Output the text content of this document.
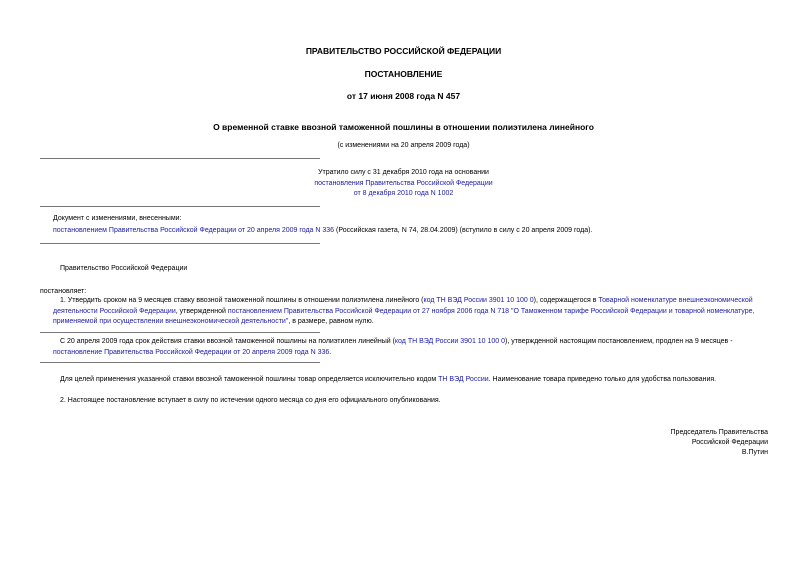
ПРАВИТЕЛЬСТВО РОССИЙСКОЙ ФЕДЕРАЦИИ
ПОСТАНОВЛЕНИЕ
от 17 июня 2008 года N 457
О временной ставке ввозной таможенной пошлины в отношении полиэтилена линейного
(с изменениями на 20 апреля 2009 года)
Утратило силу с 31 декабря 2010 года на основании
постановления Правительства Российской Федерации
от 8 декабря 2010 года N 1002
Документ с изменениями, внесенными:
постановлением Правительства Российской Федерации от 20 апреля 2009 года N 336 (Российская газета, N 74, 28.04.2009) (вступило в силу с 20 апреля 2009 года).
Правительство Российской Федерации
постановляет:
1. Утвердить сроком на 9 месяцев ставку ввозной таможенной пошлины в отношении полиэтилена линейного (код ТН ВЭД России 3901 10 100 0), содержащегося в Товарной номенклатуре внешнеэкономической
деятельности Российской Федерации, утвержденной постановлением Правительства Российской Федерации от 27 ноября 2006 года N 718 "О Таможенном тарифе Российской Федерации и товарной номенклатуре,
применяемой при осуществлении внешнеэкономической деятельности", в размере, равном нулю.
С 20 апреля 2009 года срок действия ставки ввозной таможенной пошлины на полиэтилен линейный (код ТН ВЭД России 3901 10 100 0), утвержденной настоящим постановлением, продлен на 9 месяцев -
постановление Правительства Российской Федерации от 20 апреля 2009 года N 336.
Для целей применения указанной ставки ввозной таможенной пошлины товар определяется исключительно кодом ТН ВЭД России. Наименование товара приведено только для удобства пользования.
2. Настоящее постановление вступает в силу по истечении одного месяца со дня его официального опубликования.
Председатель Правительства
Российской Федерации
В.Путин
